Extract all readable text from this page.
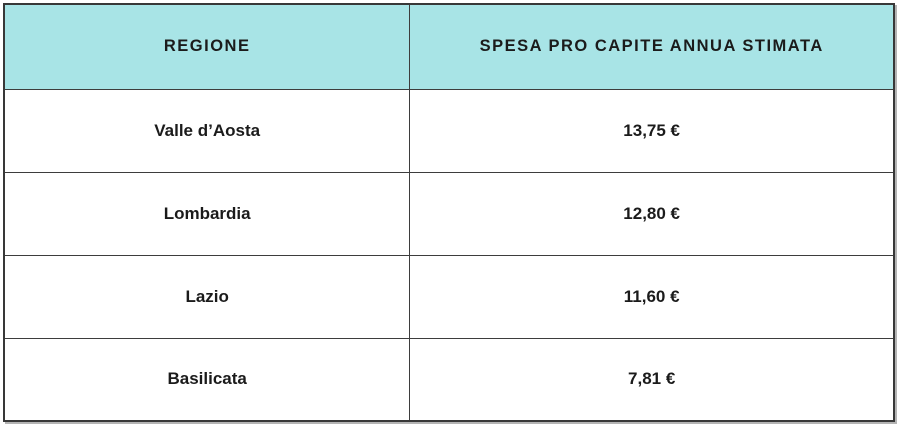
REGIONE	SPESA PRO CAPITE ANNUA STIMATA
Valle d’Aosta	13,75 €
Lombardia	12,80 €
Lazio	11,60 €
Basilicata	7,81 €
